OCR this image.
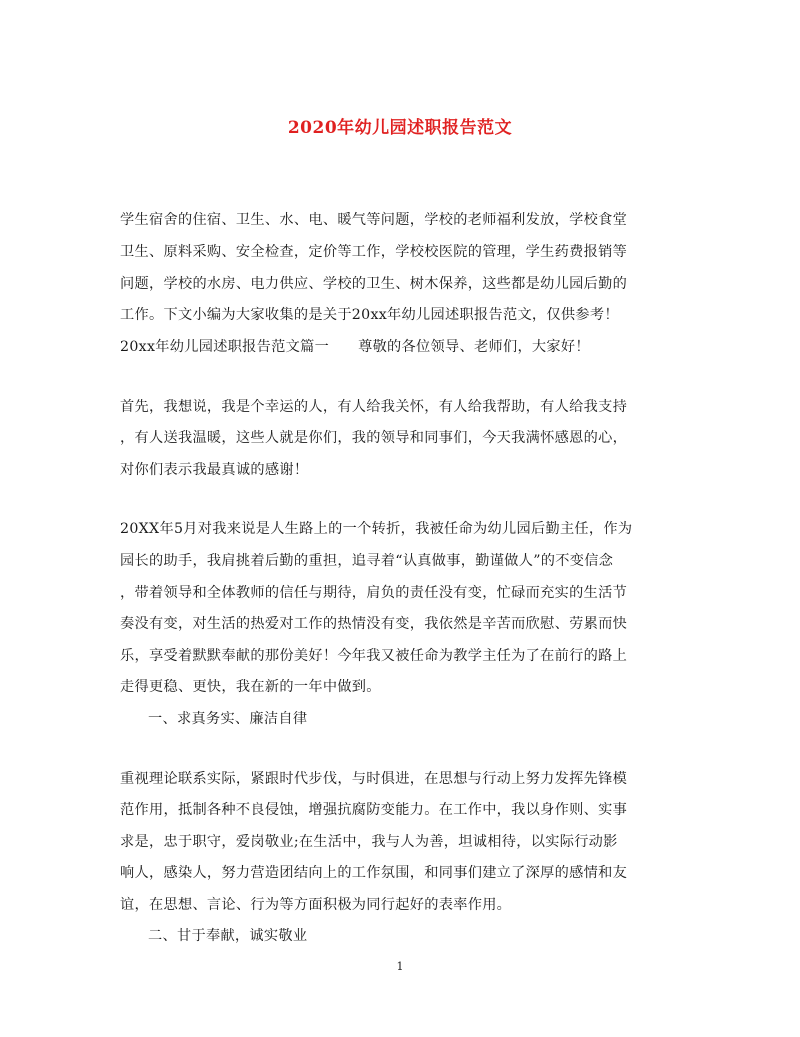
2020年幼儿园述职报告范文
学生宿舍的住宿、卫生、水、电、暖气等问题，学校的老师福利发放，学校食堂
卫生、原料采购、安全检查，定价等工作，学校校医院的管理，学生药费报销等
问题，学校的水房、电力供应、学校的卫生、树木保养，这些都是幼儿园后勤的
工作。下文小编为大家收集的是关于20xx年幼儿园述职报告范文，仅供参考！
20xx年幼儿园述职报告范文篇一　　尊敬的各位领导、老师们，大家好！
首先，我想说，我是个幸运的人，有人给我关怀，有人给我帮助，有人给我支持
，有人送我温暖，这些人就是你们，我的领导和同事们，今天我满怀感恩的心，
对你们表示我最真诚的感谢！
20XX年5月对我来说是人生路上的一个转折，我被任命为幼儿园后勤主任，作为
园长的助手，我肩挑着后勤的重担，追寻着“认真做事，勤谨做人”的不变信念
，带着领导和全体教师的信任与期待，肩负的责任没有变，忙碌而充实的生活节
奏没有变，对生活的热爱对工作的热情没有变，我依然是辛苦而欣慰、劳累而快
乐，享受着默默奉献的那份美好！今年我又被任命为教学主任为了在前行的路上
走得更稳、更快，我在新的一年中做到。
一、求真务实、廉洁自律
重视理论联系实际，紧跟时代步伐，与时俱进，在思想与行动上努力发挥先锋模
范作用，抵制各种不良侵蚀，增强抗腐防变能力。在工作中，我以身作则、实事
求是，忠于职守，爱岗敬业;在生活中，我与人为善，坦诚相待，以实际行动影
响人，感染人，努力营造团结向上的工作氛围，和同事们建立了深厚的感情和友
谊，在思想、言论、行为等方面积极为同行起好的表率作用。
二、甘于奉献，诚实敬业
1
